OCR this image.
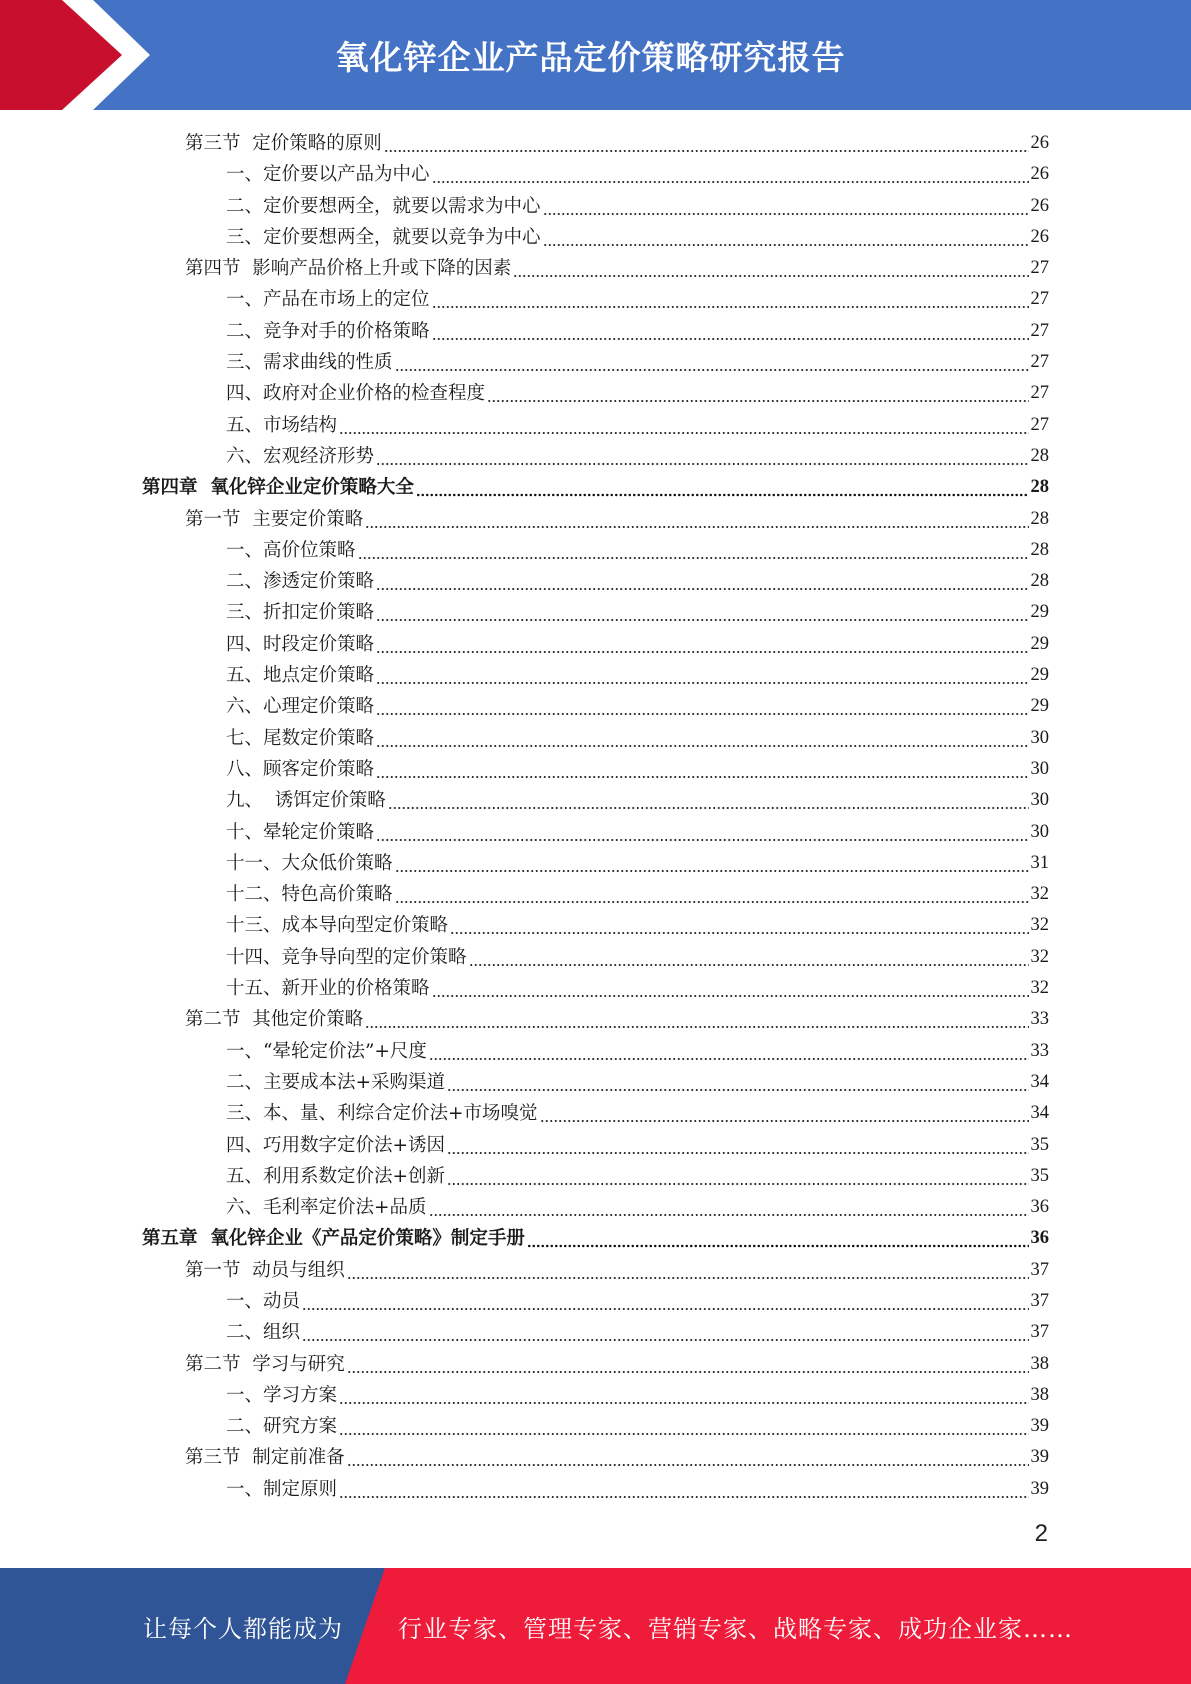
氧化锌企业产品定价策略研究报告
第三节  定价策略的原则	26
一、定价要以产品为中心	26
二、定价要想两全，就要以需求为中心	26
三、定价要想两全，就要以竞争为中心	26
第四节  影响产品价格上升或下降的因素	27
一、产品在市场上的定位	27
二、竞争对手的价格策略	27
三、需求曲线的性质	27
四、政府对企业价格的检查程度	27
五、市场结构	27
六、宏观经济形势	28
第四章  氧化锌企业定价策略大全	28
第一节  主要定价策略	28
一、高价位策略	28
二、渗透定价策略	28
三、折扣定价策略	29
四、时段定价策略	29
五、地点定价策略	29
六、心理定价策略	29
七、尾数定价策略	30
八、顾客定价策略	30
九、  诱饵定价策略	30
十、晕轮定价策略	30
十一、大众低价策略	31
十二、特色高价策略	32
十三、成本导向型定价策略	32
十四、竞争导向型的定价策略	32
十五、新开业的价格策略	32
第二节  其他定价策略	33
一、“晕轮定价法”+尺度	33
二、主要成本法+采购渠道	34
三、本、量、利综合定价法+市场嗅觉	34
四、巧用数字定价法+诱因	35
五、利用系数定价法+创新	35
六、毛利率定价法+品质	36
第五章  氧化锌企业《产品定价策略》制定手册	36
第一节  动员与组织	37
一、动员	37
二、组织	37
第二节  学习与研究	38
一、学习方案	38
二、研究方案	39
第三节  制定前准备	39
一、制定原则	39
2
让每个人都能成为 行业专家、管理专家、营销专家、战略专家、成功企业家……
